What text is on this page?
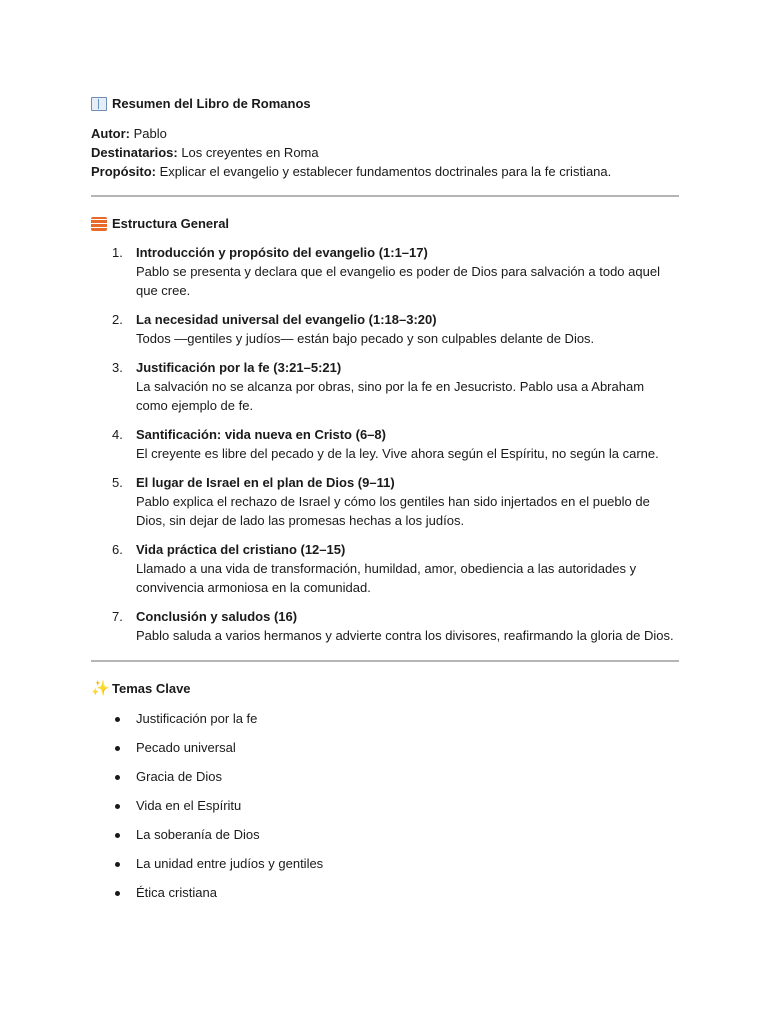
Resumen del Libro de Romanos
Autor: Pablo
Destinatarios: Los creyentes en Roma
Propósito: Explicar el evangelio y establecer fundamentos doctrinales para la fe cristiana.
Estructura General
1. Introducción y propósito del evangelio (1:1–17)
Pablo se presenta y declara que el evangelio es poder de Dios para salvación a todo aquel que cree.
2. La necesidad universal del evangelio (1:18–3:20)
Todos —gentiles y judíos— están bajo pecado y son culpables delante de Dios.
3. Justificación por la fe (3:21–5:21)
La salvación no se alcanza por obras, sino por la fe en Jesucristo. Pablo usa a Abraham como ejemplo de fe.
4. Santificación: vida nueva en Cristo (6–8)
El creyente es libre del pecado y de la ley. Vive ahora según el Espíritu, no según la carne.
5. El lugar de Israel en el plan de Dios (9–11)
Pablo explica el rechazo de Israel y cómo los gentiles han sido injertados en el pueblo de Dios, sin dejar de lado las promesas hechas a los judíos.
6. Vida práctica del cristiano (12–15)
Llamado a una vida de transformación, humildad, amor, obediencia a las autoridades y convivencia armoniosa en la comunidad.
7. Conclusión y saludos (16)
Pablo saluda a varios hermanos y advierte contra los divisores, reafirmando la gloria de Dios.
✨ Temas Clave
Justificación por la fe
Pecado universal
Gracia de Dios
Vida en el Espíritu
La soberanía de Dios
La unidad entre judíos y gentiles
Ética cristiana
